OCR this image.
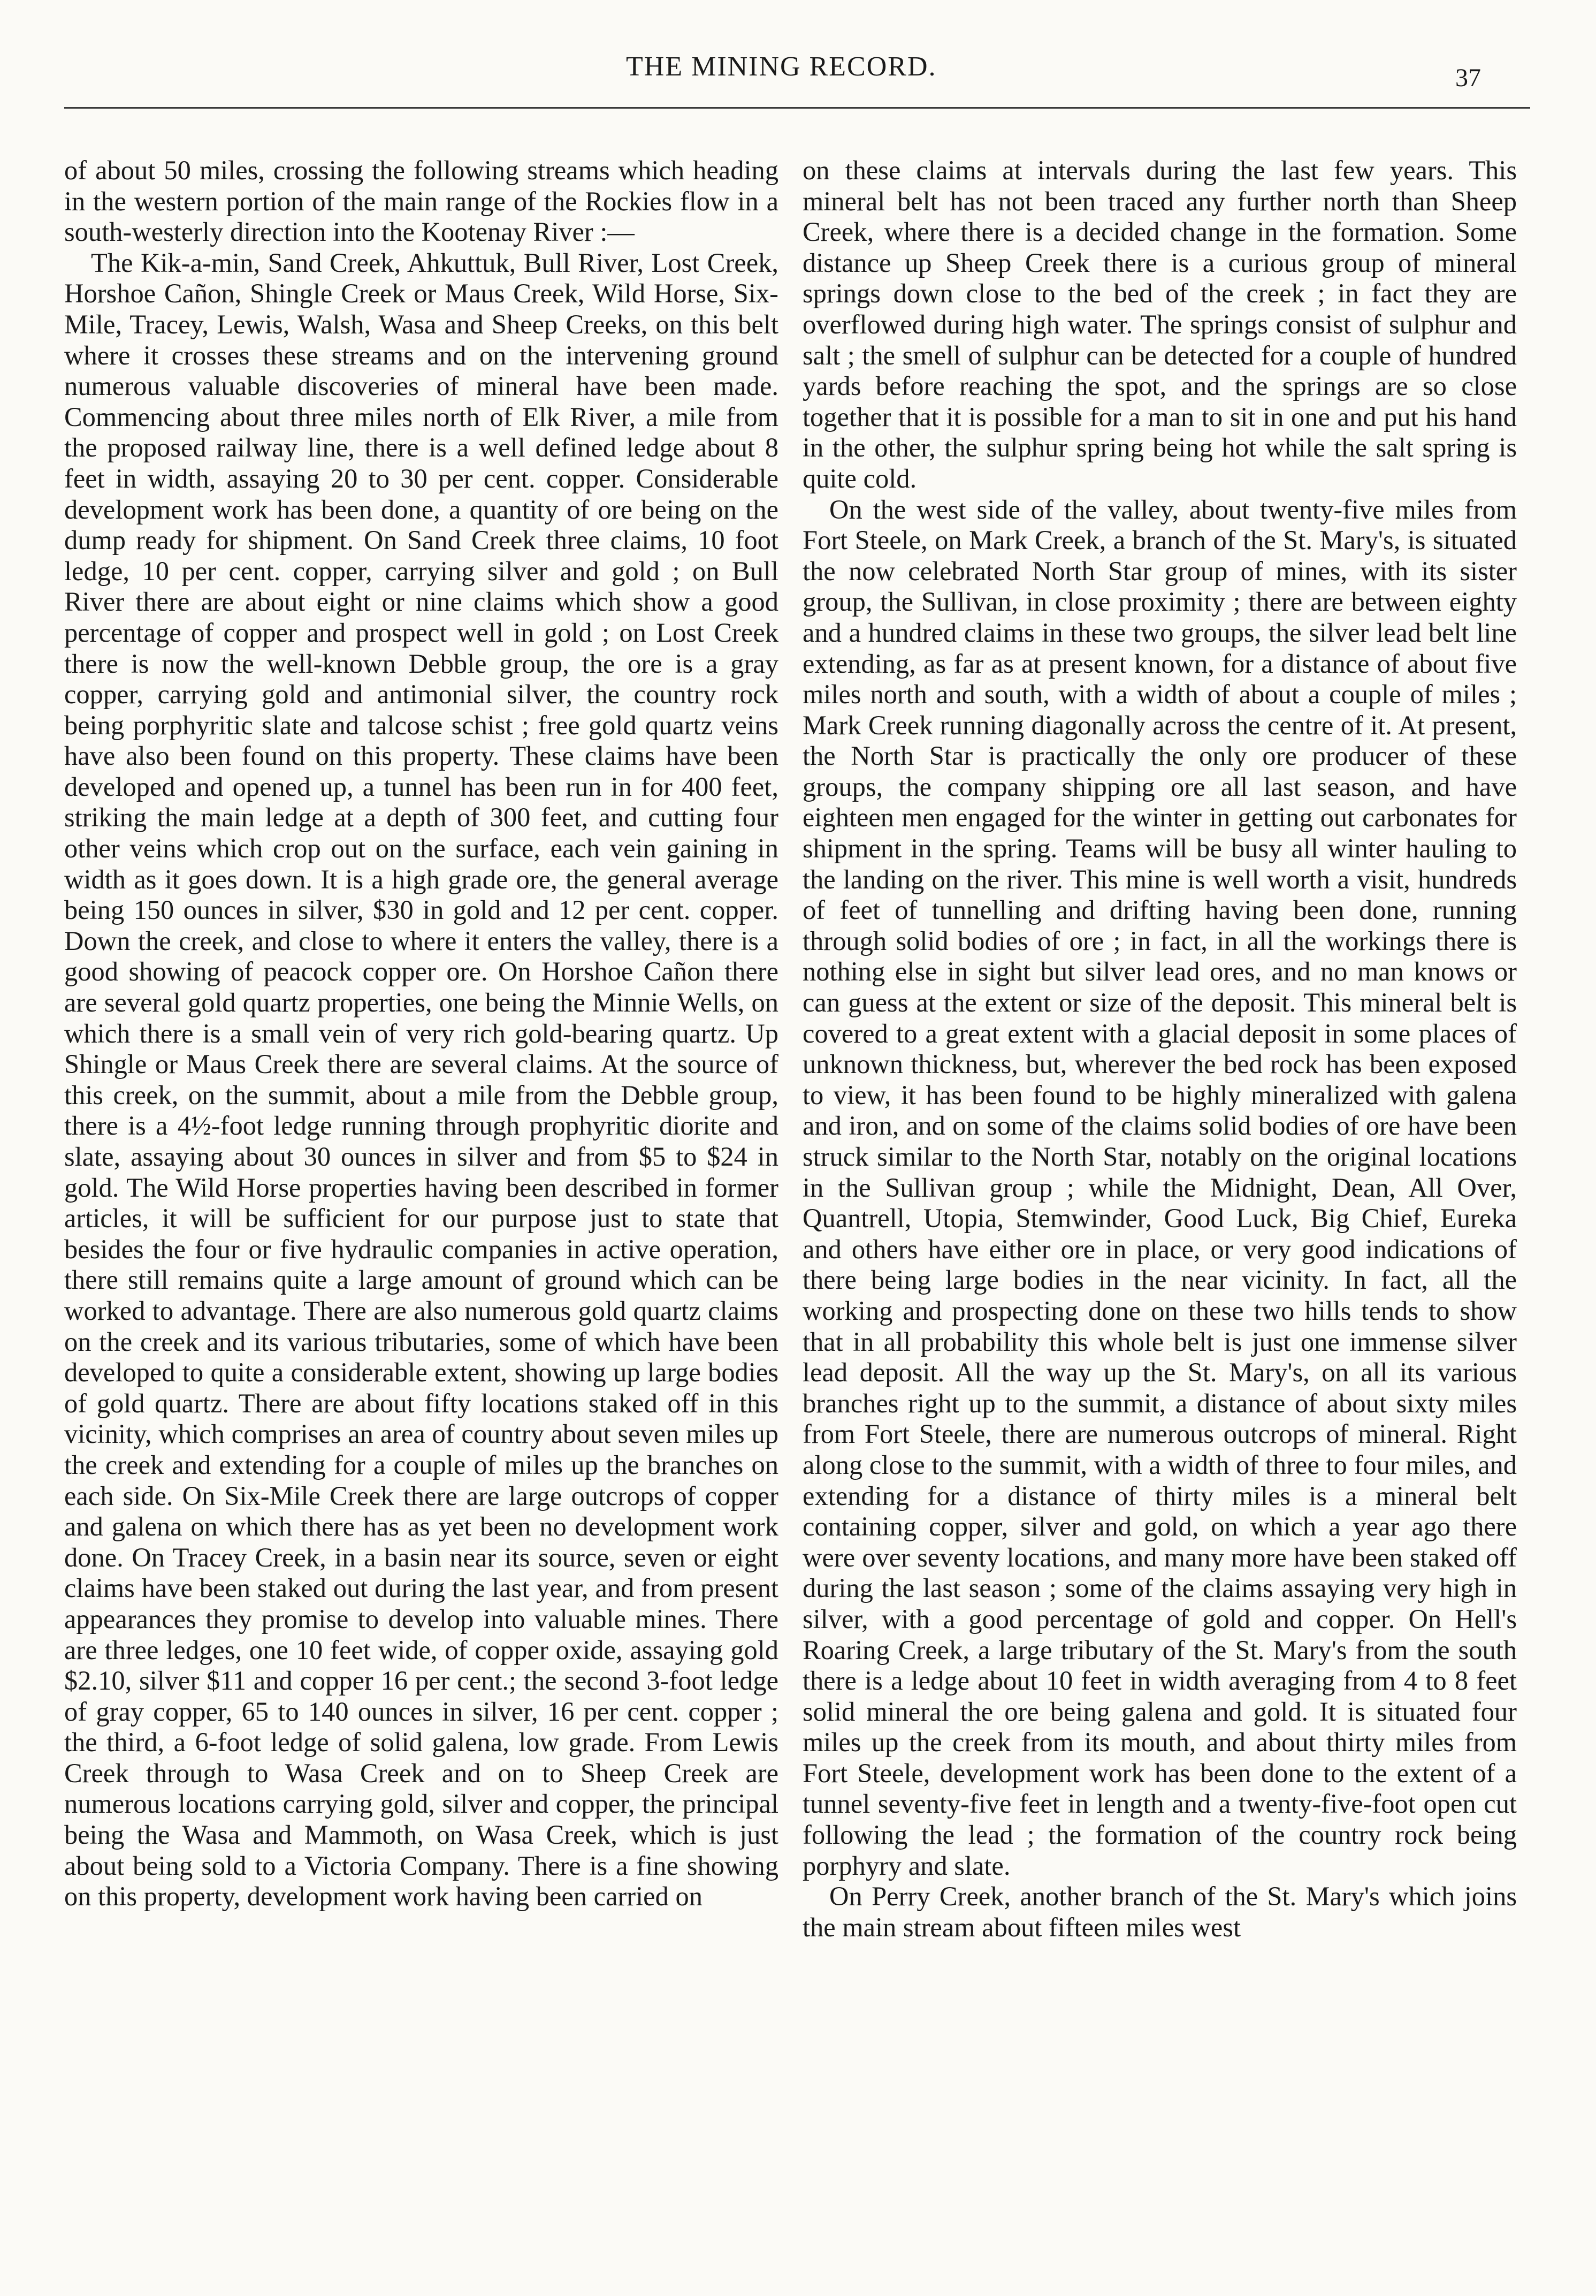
THE MINING RECORD.	37

of about 50 miles, crossing the following streams which heading in the western portion of the main range of the Rockies flow in a south-westerly direction into the Kootenay River :—

The Kik-a-min, Sand Creek, Ahkuttuk, Bull River, Lost Creek, Horshoe Cañon, Shingle Creek or Maus Creek, Wild Horse, Six-Mile, Tracey, Lewis, Walsh, Wasa and Sheep Creeks, on this belt where it crosses these streams and on the intervening ground numerous valuable discoveries of mineral have been made. Commencing about three miles north of Elk River, a mile from the proposed railway line, there is a well defined ledge about 8 feet in width, assaying 20 to 30 per cent. copper. Considerable development work has been done, a quantity of ore being on the dump ready for shipment. On Sand Creek three claims, 10 foot ledge, 10 per cent. copper, carrying silver and gold ; on Bull River there are about eight or nine claims which show a good percentage of copper and prospect well in gold ; on Lost Creek there is now the well-known Debble group, the ore is a gray copper, carrying gold and antimonial silver, the country rock being porphyritic slate and talcose schist ; free gold quartz veins have also been found on this property. These claims have been developed and opened up, a tunnel has been run in for 400 feet, striking the main ledge at a depth of 300 feet, and cutting four other veins which crop out on the surface, each vein gaining in width as it goes down. It is a high grade ore, the general average being 150 ounces in silver, $30 in gold and 12 per cent. copper. Down the creek, and close to where it enters the valley, there is a good showing of peacock copper ore. On Horshoe Cañon there are several gold quartz properties, one being the Minnie Wells, on which there is a small vein of very rich gold-bearing quartz. Up Shingle or Maus Creek there are several claims. At the source of this creek, on the summit, about a mile from the Debble group, there is a 4½-foot ledge running through prophyritic diorite and slate, assaying about 30 ounces in silver and from $5 to $24 in gold. The Wild Horse properties having been described in former articles, it will be sufficient for our purpose just to state that besides the four or five hydraulic companies in active operation, there still remains quite a large amount of ground which can be worked to advantage. There are also numerous gold quartz claims on the creek and its various tributaries, some of which have been developed to quite a considerable extent, showing up large bodies of gold quartz. There are about fifty locations staked off in this vicinity, which comprises an area of country about seven miles up the creek and extending for a couple of miles up the branches on each side. On Six-Mile Creek there are large outcrops of copper and galena on which there has as yet been no development work done. On Tracey Creek, in a basin near its source, seven or eight claims have been staked out during the last year, and from present appearances they promise to develop into valuable mines. There are three ledges, one 10 feet wide, of copper oxide, assaying gold $2.10, silver $11 and copper 16 per cent.; the second 3-foot ledge of gray copper, 65 to 140 ounces in silver, 16 per cent. copper ; the third, a 6-foot ledge of solid galena, low grade. From Lewis Creek through to Wasa Creek and on to Sheep Creek are numerous locations carrying gold, silver and copper, the principal being the Wasa and Mammoth, on Wasa Creek, which is just about being sold to a Victoria Company. There is a fine showing on this property, development work having been carried on

on these claims at intervals during the last few years. This mineral belt has not been traced any further north than Sheep Creek, where there is a decided change in the formation. Some distance up Sheep Creek there is a curious group of mineral springs down close to the bed of the creek ; in fact they are overflowed during high water. The springs consist of sulphur and salt ; the smell of sulphur can be detected for a couple of hundred yards before reaching the spot, and the springs are so close together that it is possible for a man to sit in one and put his hand in the other, the sulphur spring being hot while the salt spring is quite cold.

On the west side of the valley, about twenty-five miles from Fort Steele, on Mark Creek, a branch of the St. Mary's, is situated the now celebrated North Star group of mines, with its sister group, the Sullivan, in close proximity ; there are between eighty and a hundred claims in these two groups, the silver lead belt line extending, as far as at present known, for a distance of about five miles north and south, with a width of about a couple of miles ; Mark Creek running diagonally across the centre of it. At present, the North Star is practically the only ore producer of these groups, the company shipping ore all last season, and have eighteen men engaged for the winter in getting out carbonates for shipment in the spring. Teams will be busy all winter hauling to the landing on the river. This mine is well worth a visit, hundreds of feet of tunnelling and drifting having been done, running through solid bodies of ore ; in fact, in all the workings there is nothing else in sight but silver lead ores, and no man knows or can guess at the extent or size of the deposit. This mineral belt is covered to a great extent with a glacial deposit in some places of unknown thickness, but, wherever the bed rock has been exposed to view, it has been found to be highly mineralized with galena and iron, and on some of the claims solid bodies of ore have been struck similar to the North Star, notably on the original locations in the Sullivan group ; while the Midnight, Dean, All Over, Quantrell, Utopia, Stemwinder, Good Luck, Big Chief, Eureka and others have either ore in place, or very good indications of there being large bodies in the near vicinity. In fact, all the working and prospecting done on these two hills tends to show that in all probability this whole belt is just one immense silver lead deposit. All the way up the St. Mary's, on all its various branches right up to the summit, a distance of about sixty miles from Fort Steele, there are numerous outcrops of mineral. Right along close to the summit, with a width of three to four miles, and extending for a distance of thirty miles is a mineral belt containing copper, silver and gold, on which a year ago there were over seventy locations, and many more have been staked off during the last season ; some of the claims assaying very high in silver, with a good percentage of gold and copper. On Hell's Roaring Creek, a large tributary of the St. Mary's from the south there is a ledge about 10 feet in width averaging from 4 to 8 feet solid mineral the ore being galena and gold. It is situated four miles up the creek from its mouth, and about thirty miles from Fort Steele, development work has been done to the extent of a tunnel seventy-five feet in length and a twenty-five-foot open cut following the lead ; the formation of the country rock being porphyry and slate.

On Perry Creek, another branch of the St. Mary's which joins the main stream about fifteen miles west
